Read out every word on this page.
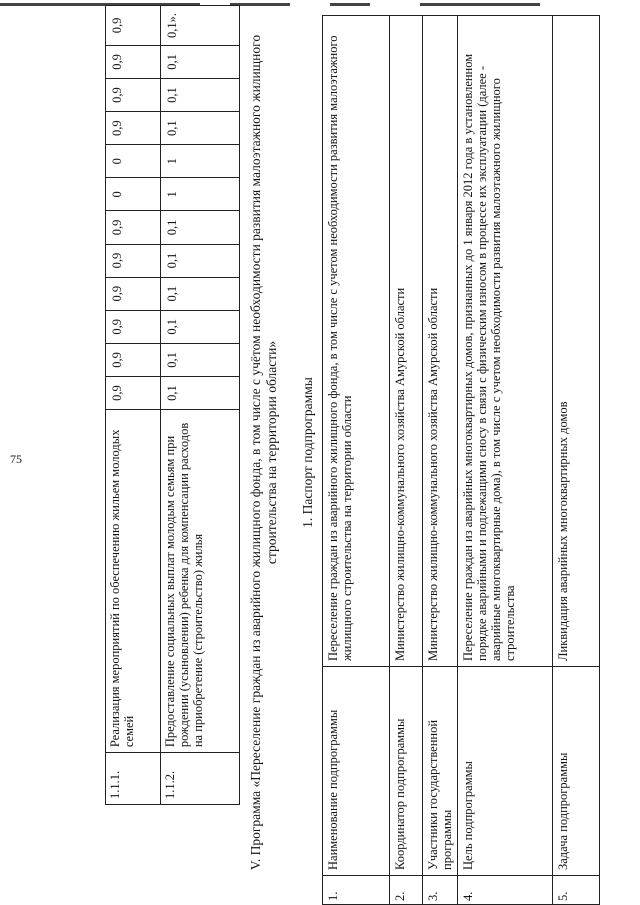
75
1.1.1.	Реализация мероприятий по обеспечению жильем молодых семей	0,9	0,9	0,9	0,9	0,9	0,9	0	0	0,9	0,9	0,9	0,9
1.1.2.	Предоставление социальных выплат молодым семьям при рождении (усыновлении) ребенка для компенсации расходов на приобретение (строительство) жилья	0,1	0,1	0,1	0,1	0,1	0,1	1	1	0,1	0,1	0,1	0,1».
V. Программа «Переселение граждан из аварийного жилищного фонда, в том числе с учётом необходимости развития малоэтажного жилищного строительства на территории области» 1. Паспорт подпрограммы
1.	Наименование подпрограммы	Переселение граждан из аварийного жилищного фонда, в том числе с учетом необходимости развития малоэтажного жилищного строительства на территории области
2.	Координатор подпрограммы	Министерство жилищно-коммунального хозяйства Амурской области
3.	Участники государственной программы	Министерство жилищно-коммунального хозяйства Амурской области
4.	Цель подпрограммы	Переселение граждан из аварийных многоквартирных домов, признанных до 1 января 2012 года в установленном порядке аварийными и подлежащими сносу в связи с физическим износом в процессе их эксплуатации (далее - аварийные многоквартирные дома), в том числе с учетом необходимости развития малоэтажного жилищного строительства
5.	Задача подпрограммы	Ликвидация аварийных многоквартирных домов
